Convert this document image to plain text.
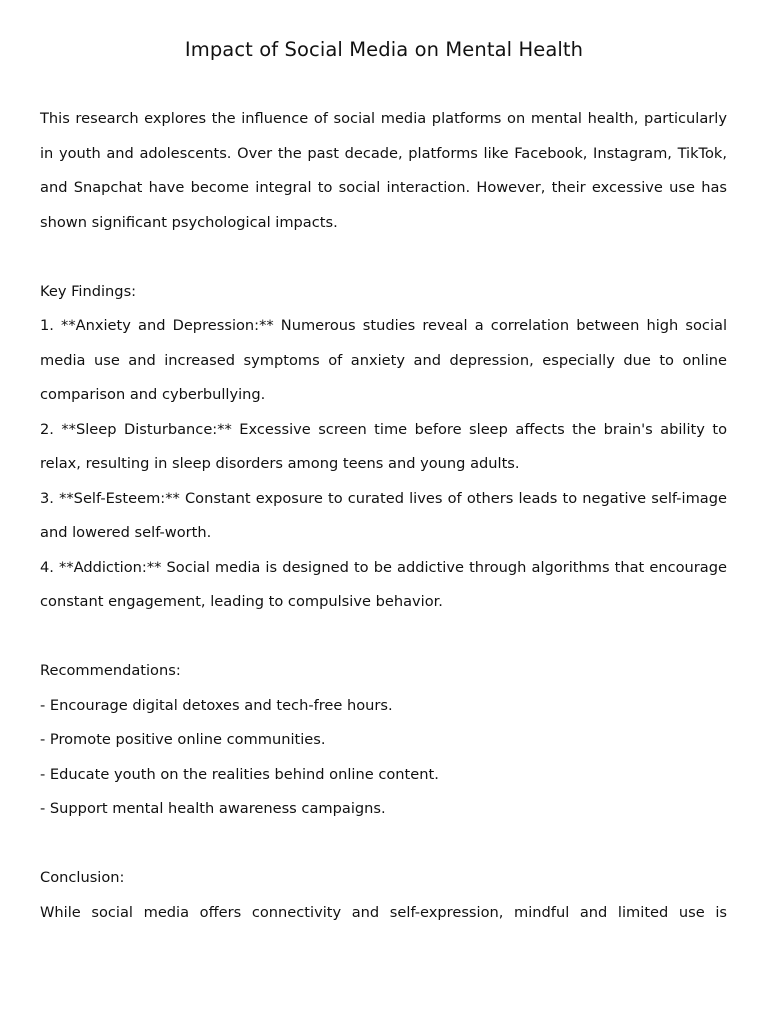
Impact of Social Media on Mental Health

This research explores the influence of social media platforms on mental health, particularly in youth and adolescents. Over the past decade, platforms like Facebook, Instagram, TikTok, and Snapchat have become integral to social interaction. However, their excessive use has shown significant psychological impacts.

Key Findings:

1. **Anxiety and Depression:** Numerous studies reveal a correlation between high social media use and increased symptoms of anxiety and depression, especially due to online comparison and cyberbullying.

2. **Sleep Disturbance:** Excessive screen time before sleep affects the brain's ability to relax, resulting in sleep disorders among teens and young adults.

3. **Self-Esteem:** Constant exposure to curated lives of others leads to negative self-image and lowered self-worth.

4. **Addiction:** Social media is designed to be addictive through algorithms that encourage constant engagement, leading to compulsive behavior.

Recommendations:

- Encourage digital detoxes and tech-free hours.

- Promote positive online communities.

- Educate youth on the realities behind online content.

- Support mental health awareness campaigns.

Conclusion:

While social media offers connectivity and self-expression, mindful and limited use is
